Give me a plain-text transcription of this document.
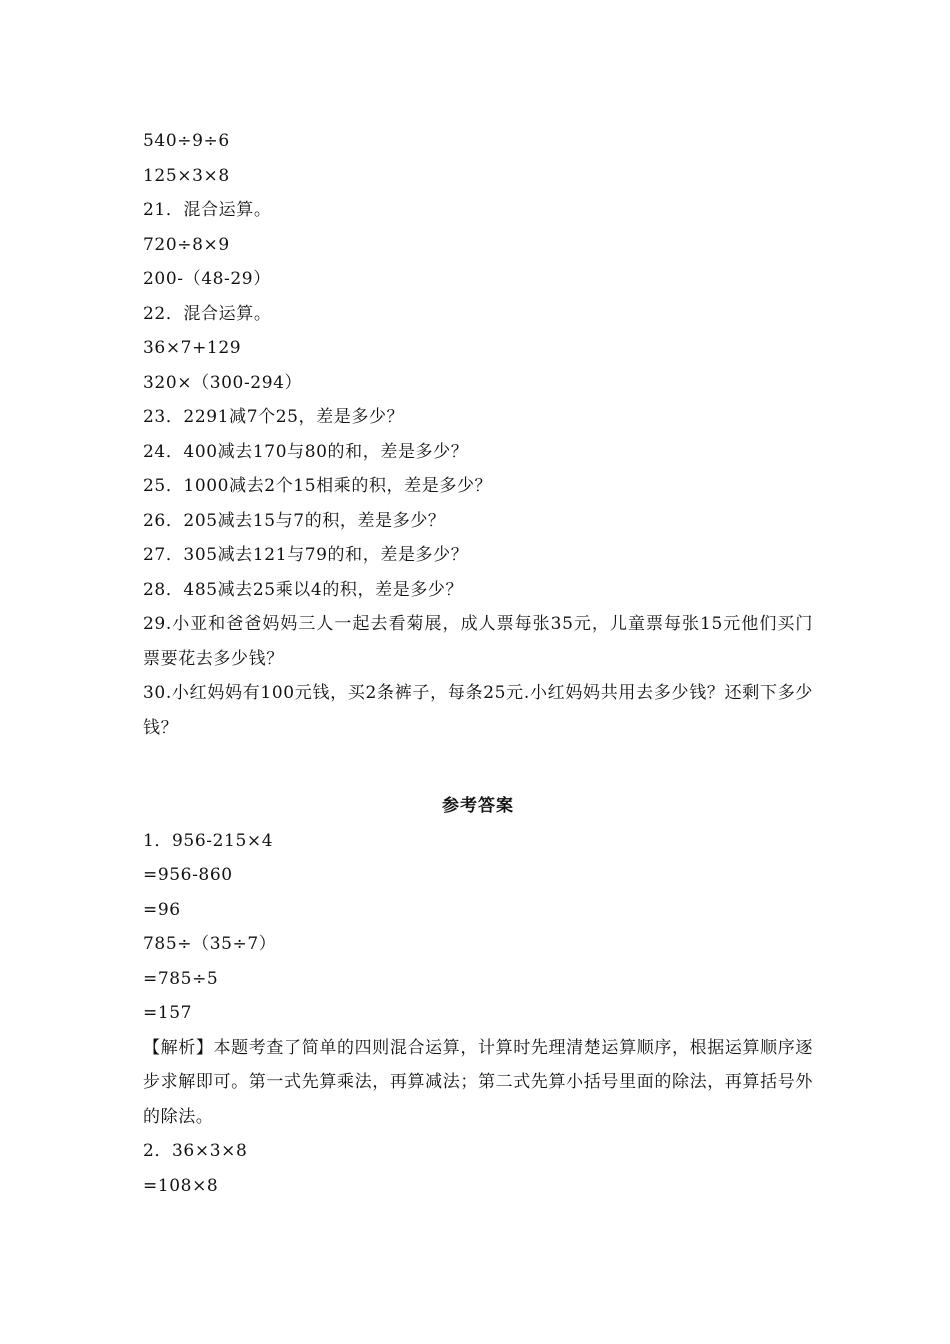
540÷9÷6
125×3×8
21．混合运算。
720÷8×9
200-（48-29）
22．混合运算。
36×7+129
320×（300-294）
23．2291减7个25，差是多少？
24．400减去170与80的和，差是多少？
25．1000减去2个15相乘的积，差是多少？
26．205减去15与7的积，差是多少？
27．305减去121与79的和，差是多少？
28．485减去25乘以4的积，差是多少？
29.小亚和爸爸妈妈三人一起去看菊展，成人票每张35元，儿童票每张15元他们买门票要花去多少钱？
30.小红妈妈有100元钱，买2条裤子，每条25元.小红妈妈共用去多少钱？还剩下多少钱？
参考答案
1．956-215×4
=956-860
=96
785÷（35÷7）
=785÷5
=157
【解析】本题考查了简单的四则混合运算，计算时先理清楚运算顺序，根据运算顺序逐步求解即可。第一式先算乘法，再算减法；第二式先算小括号里面的除法，再算括号外的除法。
2．36×3×8
=108×8
